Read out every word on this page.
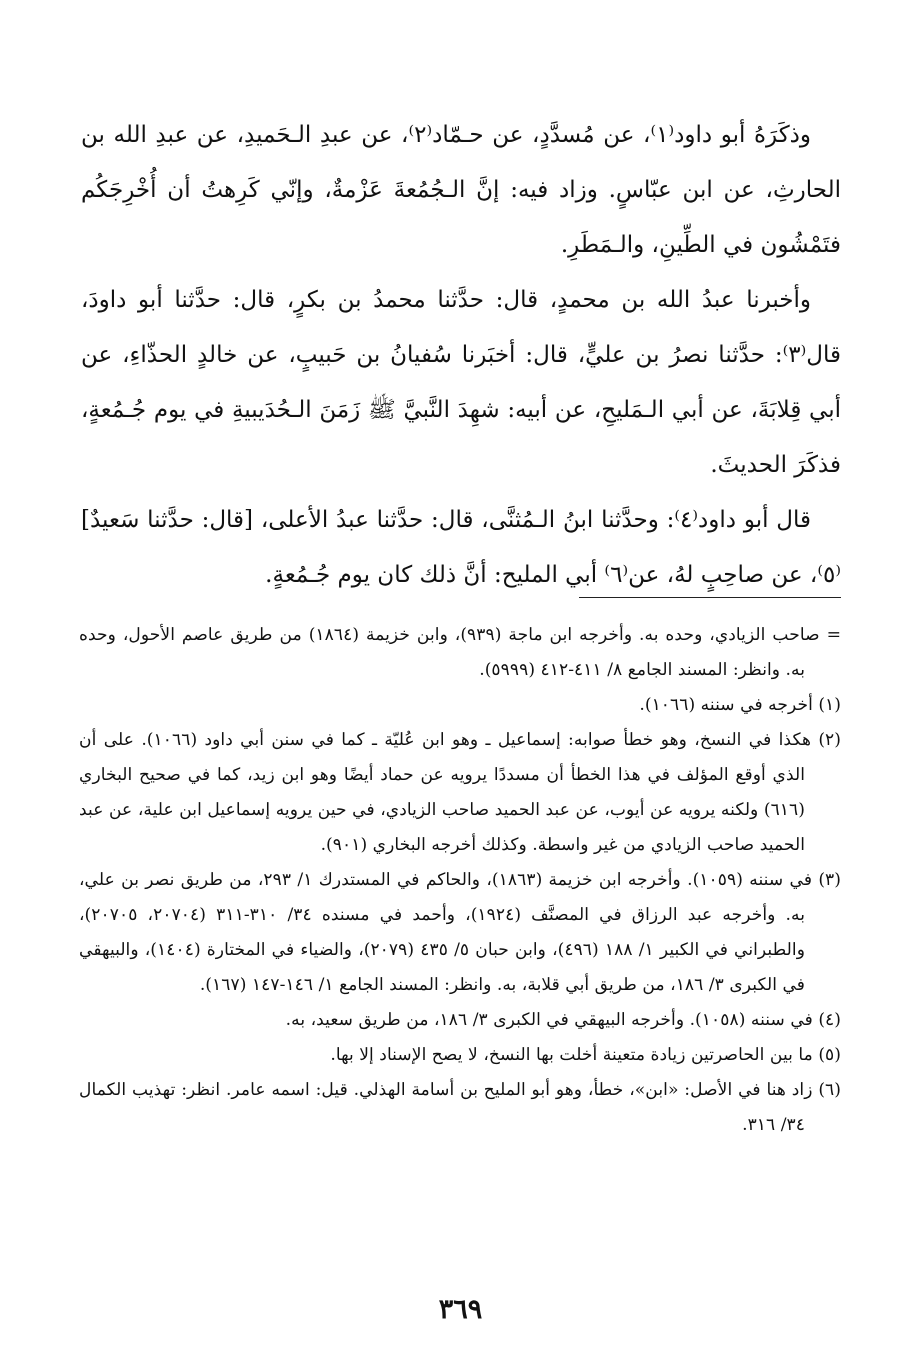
وذكَرَهُ أبو داود⁽١⁾، عن مُسدَّدٍ، عن حـمّاد⁽٢⁾، عن عبدِ الـحَميدِ، عن عبدِ الله بن الحارثِ، عن ابن عبّاسٍ. وزاد فيه: إنَّ الـجُمُعةَ عَزْمةٌ، وإنّي كَرِهتُ أن أُخْرِجَكُم فتَمْشُون في الطِّينِ، والـمَطَرِ.

وأخبرنا عبدُ الله بن محمدٍ، قال: حدَّثنا محمدُ بن بكرٍ، قال: حدَّثنا أبو داودَ، قال⁽٣⁾: حدَّثنا نصرُ بن عليٍّ، قال: أخبَرنا سُفيانُ بن حَبيبٍ، عن خالدٍ الحذّاءِ، عن أبي قِلابَةَ، عن أبي الـمَليحِ، عن أبيه: شهِدَ النَّبيَّ ﷺ زَمَنَ الـحُدَيبيةِ في يوم جُـمُعةٍ، فذكَرَ الحديثَ.

قال أبو داود⁽٤⁾: وحدَّثنا ابنُ الـمُثنَّى، قال: حدَّثنا عبدُ الأعلى، [قال: حدَّثنا سَعيدٌ]⁽٥⁾، عن صاحِبٍ لهُ، عن⁽٦⁾ أبي المليح: أنَّ ذلك كان يوم جُـمُعةٍ.

= صاحب الزيادي، وحده به. وأخرجه ابن ماجة (٩٣٩)، وابن خزيمة (١٨٦٤) من طريق عاصم الأحول، وحده به. وانظر: المسند الجامع ٨/ ٤١١-٤١٢ (٥٩٩٩).

(١) أخرجه في سننه (١٠٦٦).

(٢) هكذا في النسخ، وهو خطأ صوابه: إسماعيل ـ وهو ابن عُليّة ـ كما في سنن أبي داود (١٠٦٦). على أن الذي أوقع المؤلف في هذا الخطأ أن مسددًا يرويه عن حماد أيضًا وهو ابن زيد، كما في صحيح البخاري (٦١٦) ولكنه يرويه عن أيوب، عن عبد الحميد صاحب الزيادي، في حين يرويه إسماعيل ابن علية، عن عبد الحميد صاحب الزيادي من غير واسطة. وكذلك أخرجه البخاري (٩٠١).

(٣) في سننه (١٠٥٩). وأخرجه ابن خزيمة (١٨٦٣)، والحاكم في المستدرك ١/ ٢٩٣، من طريق نصر بن علي، به. وأخرجه عبد الرزاق في المصنَّف (١٩٢٤)، وأحمد في مسنده ٣٤/ ٣١٠-٣١١ (٢٠٧٠٤، ٢٠٧٠٥)، والطبراني في الكبير ١/ ١٨٨ (٤٩٦)، وابن حبان ٥/ ٤٣٥ (٢٠٧٩)، والضياء في المختارة (١٤٠٤)، والبيهقي في الكبرى ٣/ ١٨٦، من طريق أبي قلابة، به. وانظر: المسند الجامع ١/ ١٤٦-١٤٧ (١٦٧).

(٤) في سننه (١٠٥٨). وأخرجه البيهقي في الكبرى ٣/ ١٨٦، من طريق سعيد، به.

(٥) ما بين الحاصرتين زيادة متعينة أخلت بها النسخ، لا يصح الإسناد إلا بها.

(٦) زاد هنا في الأصل: «ابن»، خطأ، وهو أبو المليح بن أسامة الهذلي. قيل: اسمه عامر. انظر: تهذيب الكمال ٣٤/ ٣١٦.

٣٦٩
